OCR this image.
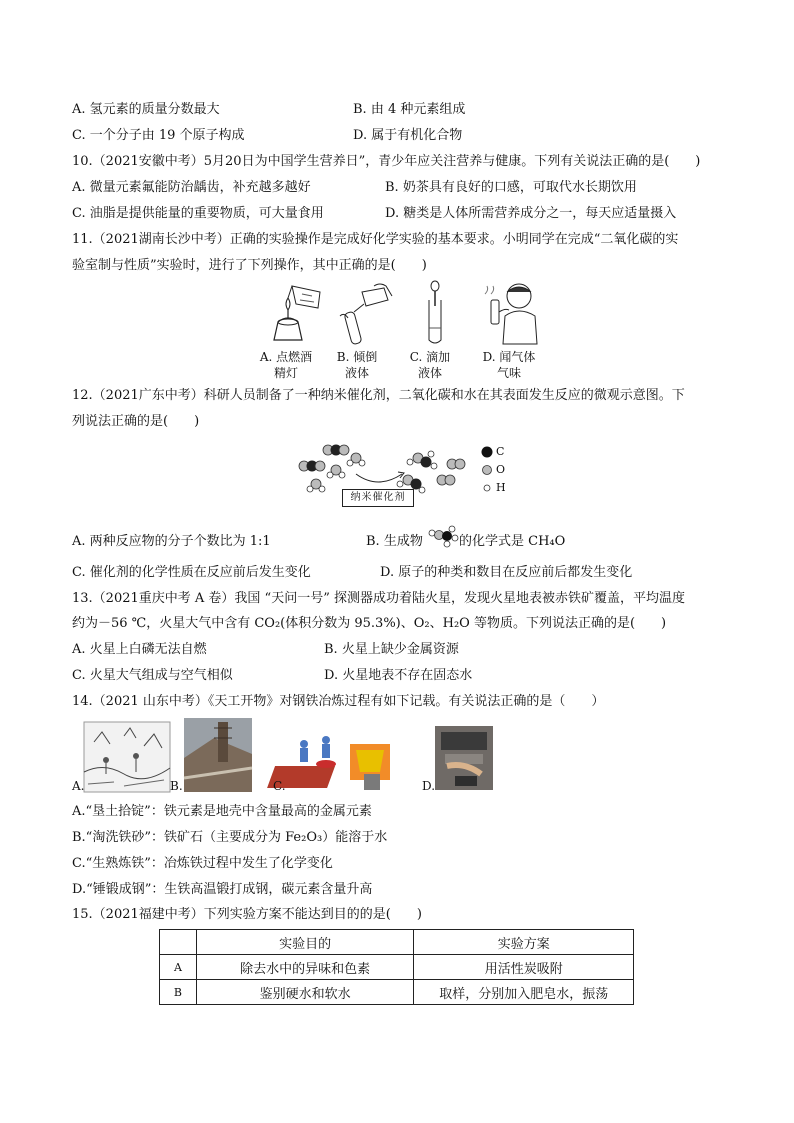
A. 氢元素的质量分数最大	B. 由 4 种元素组成
C. 一个分子由 19 个原子构成	D. 属于有机化合物
10.（2021安徽中考）5月20日为中国学生营养日”，青少年应关注营养与健康。下列有关说法正确的是(　　)
A. 微量元素氟能防治龋齿，补充越多越好	B. 奶茶具有良好的口感，可取代水长期饮用
C. 油脂是提供能量的重要物质，可大量食用	D. 糖类是人体所需营养成分之一，每天应适量摄入
11.（2021湖南长沙中考）正确的实验操作是完成好化学实验的基本要求。小明同学在完成“二氧化碳的实
验室制与性质”实验时，进行了下列操作，其中正确的是(　　)
A. 点燃酒
精灯
B. 倾倒
液体
C. 滴加
液体
D. 闻气体
气味
12.（2021广东中考）科研人员制备了一种纳米催化剂，二氧化碳和水在其表面发生反应的微观示意图。下
列说法正确的是(　　)
纳米催化剂
C
O
H
A. 两种反应物的分子个数比为 1:1	B. 生成物	的化学式是 CH₄O
C. 催化剂的化学性质在反应前后发生变化	D. 原子的种类和数目在反应前后都发生变化
13.（2021重庆中考 A 卷）我国 “天问一号” 探测器成功着陆火星，发现火星地表被赤铁矿覆盖，平均温度
约为－56 ℃，火星大气中含有 CO₂(体积分数为 95.3%)、O₂、H₂O 等物质。下列说法正确的是(　　)
A. 火星上白磷无法自燃	B. 火星上缺少金属资源
C. 火星大气组成与空气相似	D. 火星地表不存在固态水
14.（2021 山东中考）《天工开物》对钢铁冶炼过程有如下记载。有关说法正确的是（　　）
A.	B.	C.	D.
A.“垦土拾锭”：铁元素是地壳中含量最高的金属元素
B.“淘洗铁砂”：铁矿石（主要成分为 Fe₂O₃）能溶于水
C.“生熟炼铁”：冶炼铁过程中发生了化学变化
D.“锤锻成钢”：生铁高温锻打成钢，碳元素含量升高
15.（2021福建中考）下列实验方案不能达到目的的是(　　)
	实验目的	实验方案
A	除去水中的异味和色素	用活性炭吸附
B	鉴别硬水和软水	取样，分别加入肥皂水，振荡
